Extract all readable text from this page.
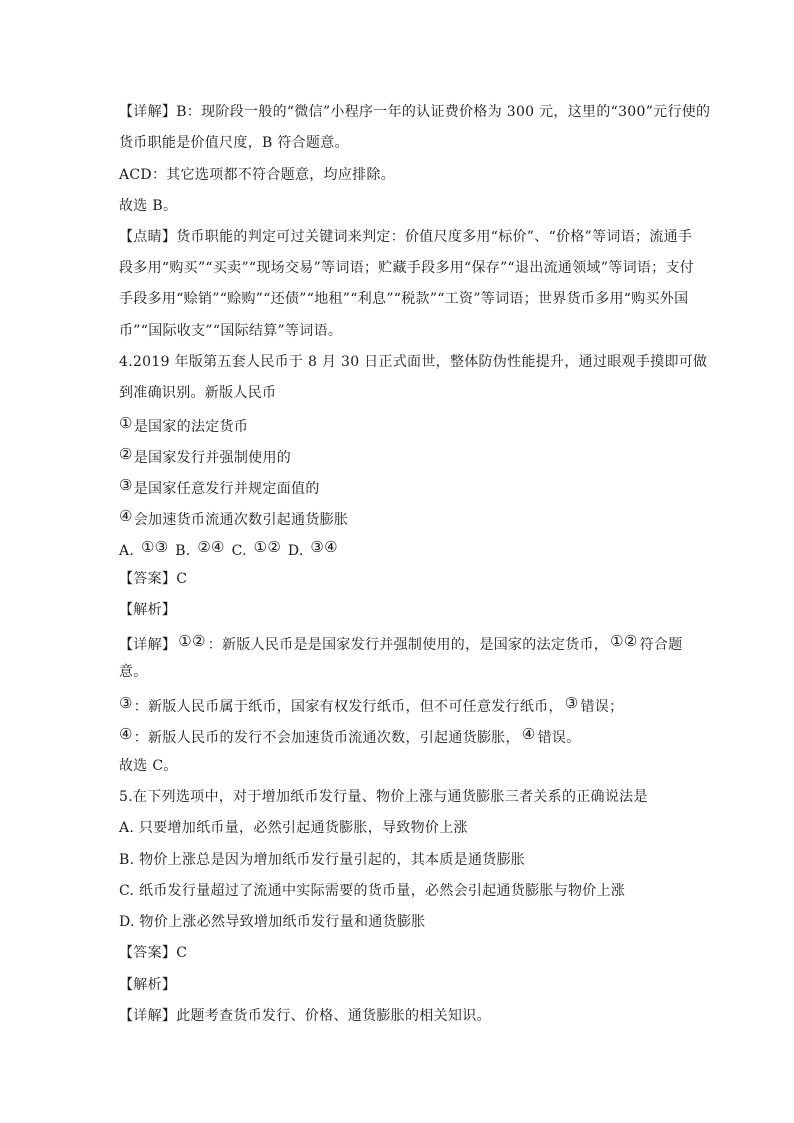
【详解】B：现阶段一般的“微信”小程序一年的认证费价格为 300 元，这里的“300”元行使的
货币职能是价值尺度，B 符合题意。
ACD：其它选项都不符合题意，均应排除。
故选 B。
【点睛】货币职能的判定可过关键词来判定：价值尺度多用“标价”、“价格”等词语；流通手
段多用“购买”“买卖”“现场交易”等词语；贮藏手段多用“保存”“退出流通领域”等词语；支付
手段多用“赊销”“赊购”“还债”“地租”“利息”“税款”“工资”等词语；世界货币多用“购买外国
币”“国际收支”“国际结算”等词语。
4.2019 年版第五套人民币于 8 月 30 日正式面世，整体防伪性能提升，通过眼观手摸即可做
到准确识别。新版人民币
①是国家的法定货币
②是国家发行并强制使用的
③是国家任意发行并规定面值的
④会加速货币流通次数引起通货膨胀
A. ①③ B. ②④ C. ①② D. ③④
【答案】C
【解析】
【详解】 ①② ：新版人民币是是国家发行并强制使用的，是国家的法定货币， ①② 符合题
意。
③：新版人民币属于纸币，国家有权发行纸币，但不可任意发行纸币， ③ 错误；
④：新版人民币的发行不会加速货币流通次数，引起通货膨胀， ④ 错误。
故选 C。
5.在下列选项中，对于增加纸币发行量、物价上涨与通货膨胀三者关系的正确说法是
A. 只要增加纸币量，必然引起通货膨胀，导致物价上涨
B. 物价上涨总是因为增加纸币发行量引起的，其本质是通货膨胀
C. 纸币发行量超过了流通中实际需要的货币量，必然会引起通货膨胀与物价上涨
D. 物价上涨必然导致增加纸币发行量和通货膨胀
【答案】C
【解析】
【详解】此题考查货币发行、价格、通货膨胀的相关知识。
